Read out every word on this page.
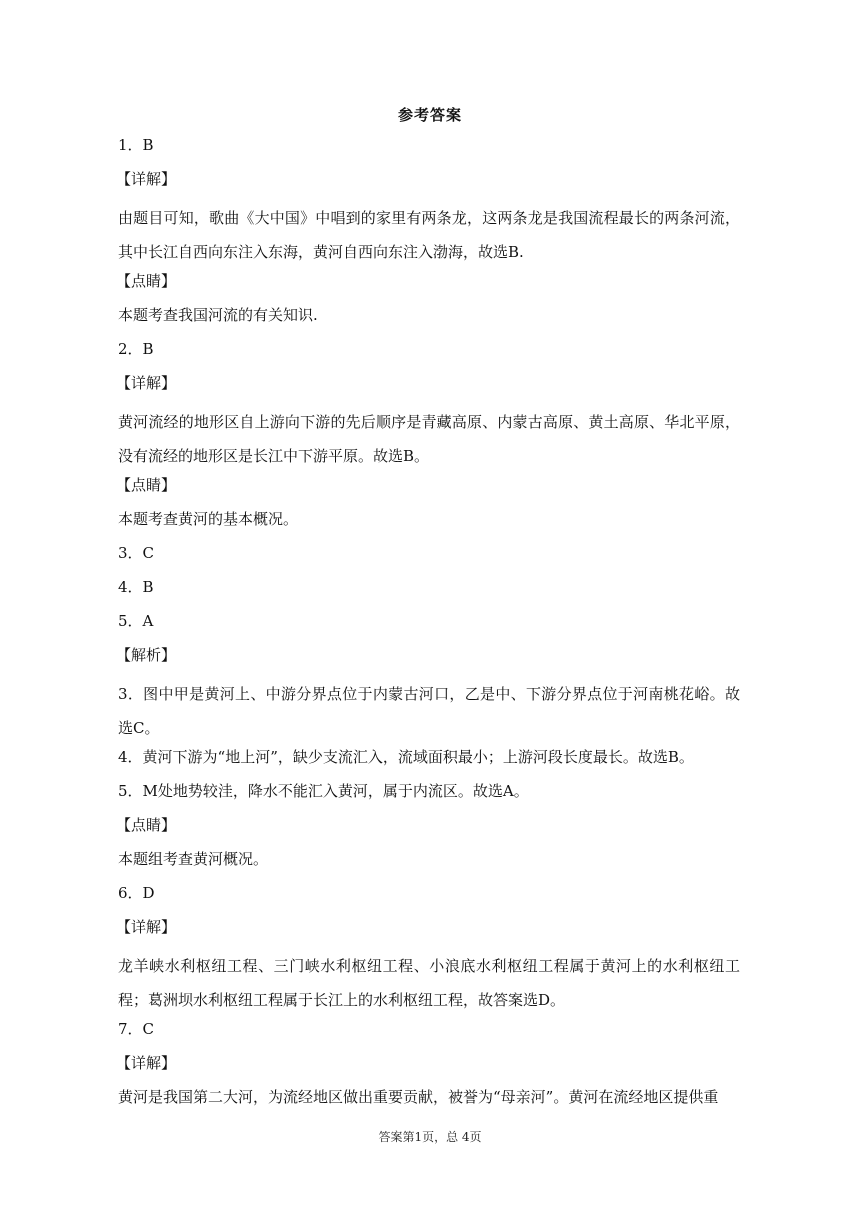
参考答案
1．B
【详解】
由题目可知，歌曲《大中国》中唱到的家里有两条龙，这两条龙是我国流程最长的两条河流，其中长江自西向东注入东海，黄河自西向东注入渤海，故选B.
【点睛】
本题考查我国河流的有关知识.
2．B
【详解】
黄河流经的地形区自上游向下游的先后顺序是青藏高原、内蒙古高原、黄土高原、华北平原，没有流经的地形区是长江中下游平原。故选B。
【点睛】
本题考查黄河的基本概况。
3．C
4．B
5．A
【解析】
3．图中甲是黄河上、中游分界点位于内蒙古河口，乙是中、下游分界点位于河南桃花峪。故选C。
4．黄河下游为“地上河”，缺少支流汇入，流域面积最小；上游河段长度最长。故选B。
5．M处地势较洼，降水不能汇入黄河，属于内流区。故选A。
【点睛】
本题组考查黄河概况。
6．D
【详解】
龙羊峡水利枢纽工程、三门峡水利枢纽工程、小浪底水利枢纽工程属于黄河上的水利枢纽工程；葛洲坝水利枢纽工程属于长江上的水利枢纽工程，故答案选D。
7．C
【详解】
黄河是我国第二大河，为流经地区做出重要贡献，被誉为“母亲河”。黄河在流经地区提供重
答案第1页，总 4页
